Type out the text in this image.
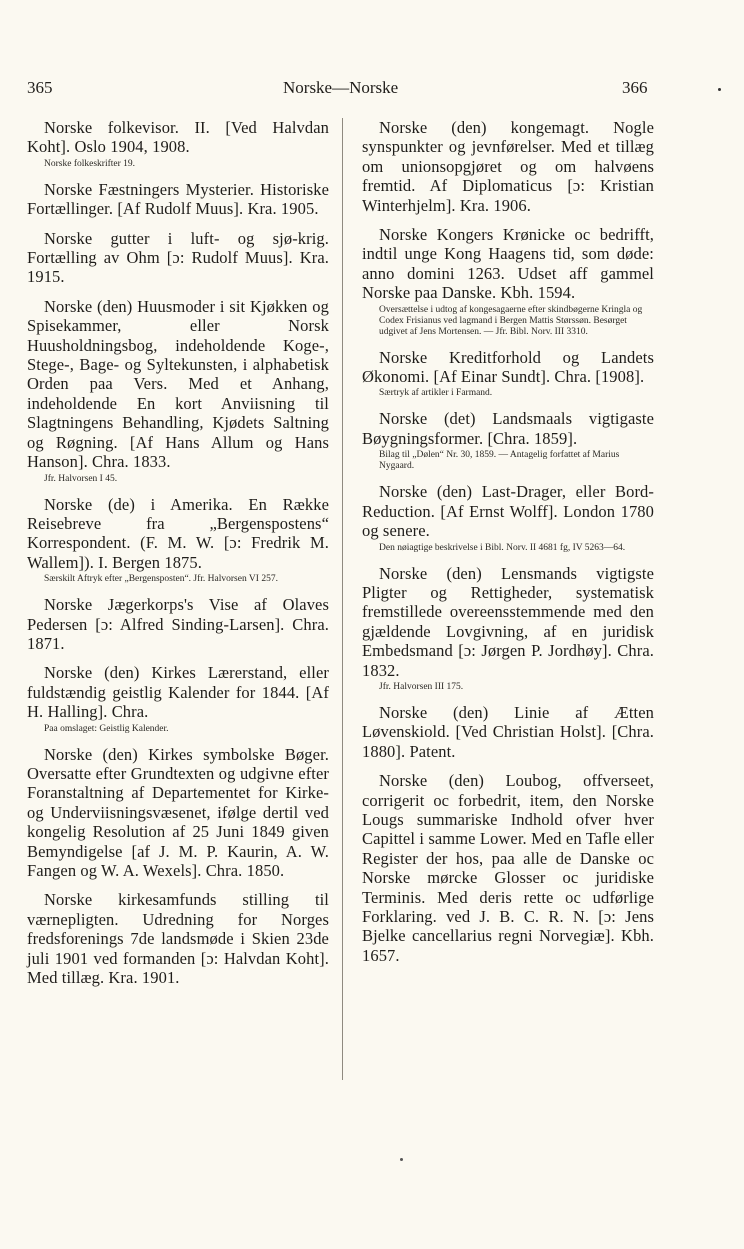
365	Norske—Norske	366
Norske folkevisor. II. [Ved Halvdan Koht]. Oslo 1904, 1908.
Norske folkeskrifter 19.
Norske Fæstningers Mysterier. Historiske Fortællinger. [Af Rudolf Muus]. Kra. 1905.
Norske gutter i luft- og sjø-krig. Fortælling av Ohm [ɔ: Rudolf Muus]. Kra. 1915.
Norske (den) Huusmoder i sit Kjøkken og Spisekammer, eller Norsk Huusholdningsbog, indeholdende Koge-, Stege-, Bage- og Syltekunsten, i alphabetisk Orden paa Vers. Med et Anhang, indeholdende En kort Anviisning til Slagtningens Behandling, Kjødets Saltning og Røgning. [Af Hans Allum og Hans Hanson]. Chra. 1833.
Jfr. Halvorsen I 45.
Norske (de) i Amerika. En Række Reisebreve fra „Bergenspostens“ Korrespondent. (F. M. W. [ɔ: Fredrik M. Wallem]). I. Bergen 1875.
Særskilt Aftryk efter „Bergensposten“. Jfr. Halvorsen VI 257.
Norske Jægerkorps's Vise af Olaves Pedersen [ɔ: Alfred Sinding-Larsen]. Chra. 1871.
Norske (den) Kirkes Lærerstand, eller fuldstændig geistlig Kalender for 1844. [Af H. Halling]. Chra.
Paa omslaget: Geistlig Kalender.
Norske (den) Kirkes symbolske Bøger. Oversatte efter Grundtexten og udgivne efter Foranstaltning af Departementet for Kirke- og Underviisningsvæsenet, ifølge dertil ved kongelig Resolution af 25 Juni 1849 given Bemyndigelse [af J. M. P. Kaurin, A. W. Fangen og W. A. Wexels]. Chra. 1850.
Norske kirkesamfunds stilling til værnepligten. Udredning for Norges fredsforenings 7de landsmøde i Skien 23de juli 1901 ved formanden [ɔ: Halvdan Koht]. Med tillæg. Kra. 1901.
Norske (den) kongemagt. Nogle synspunkter og jevnførelser. Med et tillæg om unionsopgjøret og om halvøens fremtid. Af Diplomaticus [ɔ: Kristian Winterhjelm]. Kra. 1906.
Norske Kongers Krønicke oc bedrifft, indtil unge Kong Haagens tid, som døde: anno domini 1263. Udset aff gammel Norske paa Danske. Kbh. 1594.
Oversættelse i udtog af kongesagaerne efter skindbøgerne Kringla og Codex Frisianus ved lagmand i Bergen Mattis Størssøn. Besørget udgivet af Jens Mortensen. — Jfr. Bibl. Norv. III 3310.
Norske Kreditforhold og Landets Økonomi. [Af Einar Sundt]. Chra. [1908].
Særtryk af artikler i Farmand.
Norske (det) Landsmaals vigtigaste Bøygningsformer. [Chra. 1859].
Bilag til „Dølen“ Nr. 30, 1859. — Antagelig forfattet af Marius Nygaard.
Norske (den) Last-Drager, eller Bord-Reduction. [Af Ernst Wolff]. London 1780 og senere.
Den nøiagtige beskrivelse i Bibl. Norv. II 4681 fg, IV 5263—64.
Norske (den) Lensmands vigtigste Pligter og Rettigheder, systematisk fremstillede overeensstemmende med den gjældende Lovgivning, af en juridisk Embedsmand [ɔ: Jørgen P. Jordhøy]. Chra. 1832.
Jfr. Halvorsen III 175.
Norske (den) Linie af Ætten Løvenskiold. [Ved Christian Holst]. [Chra. 1880]. Patent.
Norske (den) Loubog, offverseet, corrigerit oc forbedrit, item, den Norske Lougs summariske Indhold ofver hver Capittel i samme Lower. Med en Tafle eller Register der hos, paa alle de Danske oc Norske mørcke Glosser oc juridiske Terminis. Med deris rette oc udførlige Forklaring. ved J. B. C. R. N. [ɔ: Jens Bjelke cancellarius regni Norvegiæ]. Kbh. 1657.
